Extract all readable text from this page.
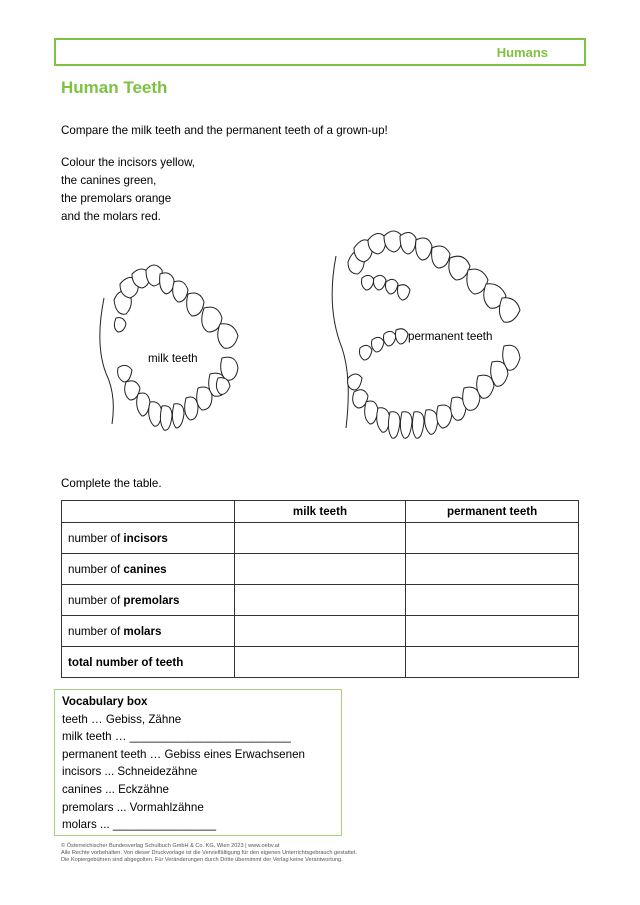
Humans
Human Teeth
Compare the milk teeth and the permanent teeth of a grown-up!
Colour the incisors yellow,
the canines green,
the premolars orange
and the molars red.
milk teeth
permanent teeth
Complete the table.
	milk teeth	permanent teeth
number of incisors		
number of canines		
number of premolars		
number of molars		
total number of teeth		
Vocabulary box
teeth … Gebiss, Zähne
milk teeth … _________________________
permanent teeth … Gebiss eines Erwachsenen
incisors ... Schneidezähne
canines ... Eckzähne
premolars ... Vormahlzähne
molars ... ________________
© Österreichischer Bundesverlag Schulbuch GmbH & Co. KG, Wien 2023 | www.oebv.at
Alle Rechte vorbehalten. Von dieser Druckvorlage ist die Vervielfältigung für den eigenen Unterrichtsgebrauch gestattet.
Die Kopiergebühren sind abgegolten. Für Veränderungen durch Dritte übernimmt der Verlag keine Verantwortung.
